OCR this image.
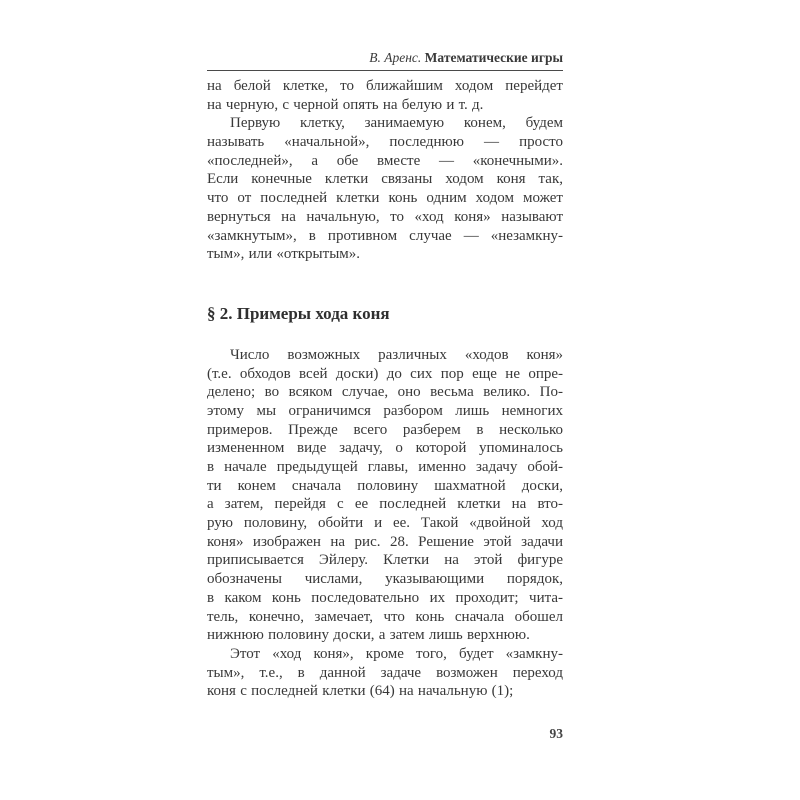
В. Аренс. Математические игры
на белой клетке, то ближайшим ходом перейдет
на черную, с черной опять на белую и т. д.
Первую клетку, занимаемую конем, будем
называть «начальной», последнюю — просто
«последней», а обе вместе — «конечными».
Если конечные клетки связаны ходом коня так,
что от последней клетки конь одним ходом может
вернуться на начальную, то «ход коня» называют
«замкнутым», в противном случае — «незамкну-
тым», или «открытым».
§ 2. Примеры хода коня
Число возможных различных «ходов коня»
(т.е. обходов всей доски) до сих пор еще не опре-
делено; во всяком случае, оно весьма велико. По-
этому мы ограничимся разбором лишь немногих
примеров. Прежде всего разберем в несколько
измененном виде задачу, о которой упоминалось
в начале предыдущей главы, именно задачу обой-
ти конем сначала половину шахматной доски,
а затем, перейдя с ее последней клетки на вто-
рую половину, обойти и ее. Такой «двойной ход
коня» изображен на рис. 28. Решение этой задачи
приписывается Эйлеру. Клетки на этой фигуре
обозначены числами, указывающими порядок,
в каком конь последовательно их проходит; чита-
тель, конечно, замечает, что конь сначала обошел
нижнюю половину доски, а затем лишь верхнюю.
Этот «ход коня», кроме того, будет «замкну-
тым», т.е., в данной задаче возможен переход
коня с последней клетки (64) на начальную (1);
93
